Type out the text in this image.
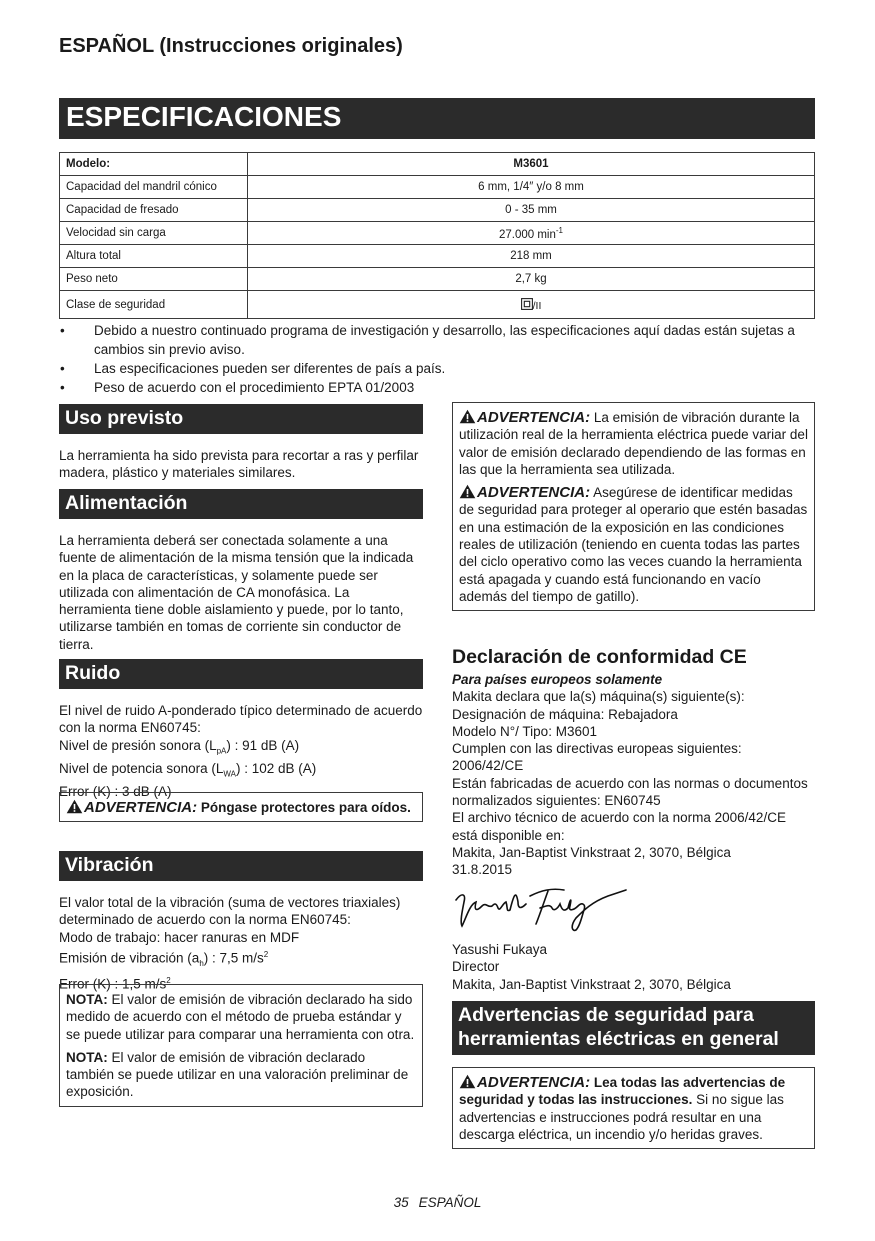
ESPAÑOL (Instrucciones originales)
ESPECIFICACIONES
Modelo:	M3601
Capacidad del mandril cónico	6 mm, 1/4″ y/o 8 mm
Capacidad de fresado	0 - 35 mm
Velocidad sin carga	27.000 $\min^{-1}$
Altura total	218 mm
Peso neto	2,7 kg
Clase de seguridad	/II
• Debido a nuestro continuado programa de investigación y desarrollo, las especificaciones aquí dadas están sujetas a cambios sin previo aviso.
• Las especificaciones pueden ser diferentes de país a país.
• Peso de acuerdo con el procedimiento EPTA 01/2003
Uso previsto
La herramienta ha sido prevista para recortar a ras y perfilar madera, plástico y materiales similares.
Alimentación
La herramienta deberá ser conectada solamente a una fuente de alimentación de la misma tensión que la indicada en la placa de características, y solamente puede ser utilizada con alimentación de CA monofásica. La herramienta tiene doble aislamiento y puede, por lo tanto, utilizarse también en tomas de corriente sin conductor de tierra.
Ruido
El nivel de ruido A-ponderado típico determinado de acuerdo con la norma EN60745:
Nivel de presión sonora $(L_{pA})$ : 91 dB (A)
Nivel de potencia sonora $(L_{WA})$ : 102 dB (A)
Error (K) : 3 dB (A)
ADVERTENCIA: Póngase protectores para oídos.
Vibración
El valor total de la vibración (suma de vectores triaxiales) determinado de acuerdo con la norma EN60745:
Modo de trabajo: hacer ranuras en MDF
Emisión de vibración $(a_h)$ : 7,5 $m/s^2$
Error (K) : 1,5 $m/s^2$
NOTA: El valor de emisión de vibración declarado ha sido medido de acuerdo con el método de prueba estándar y se puede utilizar para comparar una herramienta con otra.
NOTA: El valor de emisión de vibración declarado también se puede utilizar en una valoración preliminar de exposición.
ADVERTENCIA: La emisión de vibración durante la utilización real de la herramienta eléctrica puede variar del valor de emisión declarado dependiendo de las formas en las que la herramienta sea utilizada.
ADVERTENCIA: Asegúrese de identificar medidas de seguridad para proteger al operario que estén basadas en una estimación de la exposición en las condiciones reales de utilización (teniendo en cuenta todas las partes del ciclo operativo como las veces cuando la herramienta está apagada y cuando está funcionando en vacío además del tiempo de gatillo).
Declaración de conformidad CE
Para países europeos solamente
Makita declara que la(s) máquina(s) siguiente(s):
Designación de máquina: Rebajadora
Modelo N°/ Tipo: M3601
Cumplen con las directivas europeas siguientes:
2006/42/CE
Están fabricadas de acuerdo con las normas o documentos normalizados siguientes: EN60745
El archivo técnico de acuerdo con la norma 2006/42/CE está disponible en:
Makita, Jan-Baptist Vinkstraat 2, 3070, Bélgica
31.8.2015
Yasushi Fukaya
Director
Makita, Jan-Baptist Vinkstraat 2, 3070, Bélgica
Advertencias de seguridad para
herramientas eléctricas en general
ADVERTENCIA: Lea todas las advertencias de seguridad y todas las instrucciones. Si no sigue las advertencias e instrucciones podrá resultar en una descarga eléctrica, un incendio y/o heridas graves.
35 ESPAÑOL
